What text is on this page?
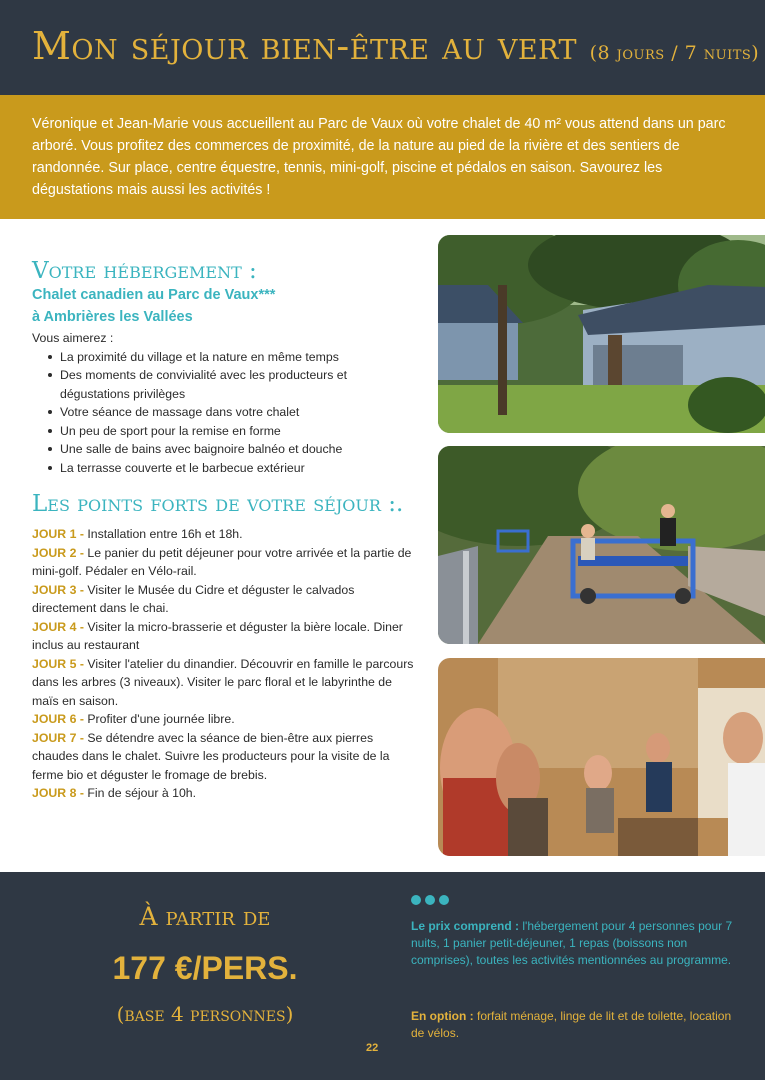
Mon séjour bien-être au vert (8 jours / 7 nuits)

Véronique et Jean-Marie vous accueillent au Parc de Vaux où votre chalet de 40 m² vous attend dans un parc arboré. Vous profitez des commerces de proximité, de la nature au pied de la rivière et des sentiers de randonnée. Sur place, centre équestre, tennis, mini-golf, piscine et pédalos en saison. Savourez les dégustations mais aussi les activités !

Votre hébergement :
Chalet canadien au Parc de Vaux***
à Ambrières les Vallées
Vous aimerez :
La proximité du village et la nature en même temps
Des moments de convivialité avec les producteurs et dégustations privilèges
Votre séance de massage dans votre chalet
Un peu de sport pour la remise en forme
Une salle de bains avec baignoire balnéo et douche
La terrasse couverte et le barbecue extérieur
Les points forts de votre séjour :.
JOUR 1 - Installation entre 16h et 18h.
JOUR 2 - Le panier du petit déjeuner pour votre arrivée et la partie de mini-golf. Pédaler en Vélo-rail.
JOUR 3 - Visiter le Musée du Cidre et déguster le calvados directement dans le chai.
JOUR 4 - Visiter la micro-brasserie et déguster la bière locale. Diner inclus au restaurant
JOUR 5 - Visiter l'atelier du dinandier. Découvrir en famille le parcours dans les arbres (3 niveaux). Visiter le parc floral et le labyrinthe de maïs en saison.
JOUR 6 - Profiter d'une journée libre.
JOUR 7 - Se détendre avec la séance de bien-être aux pierres chaudes dans le chalet. Suivre les producteurs pour la visite de la ferme bio et déguster le fromage de brebis.
JOUR 8 - Fin de séjour à 10h.
À partir de
177 €/PERS.
(base 4 personnes)
Le prix comprend : l'hébergement pour 4 personnes pour 7 nuits, 1 panier petit-déjeuner, 1 repas (boissons non comprises), toutes les activités mentionnées au programme.
En option : forfait ménage, linge de lit et de toilette, location de vélos.
22
